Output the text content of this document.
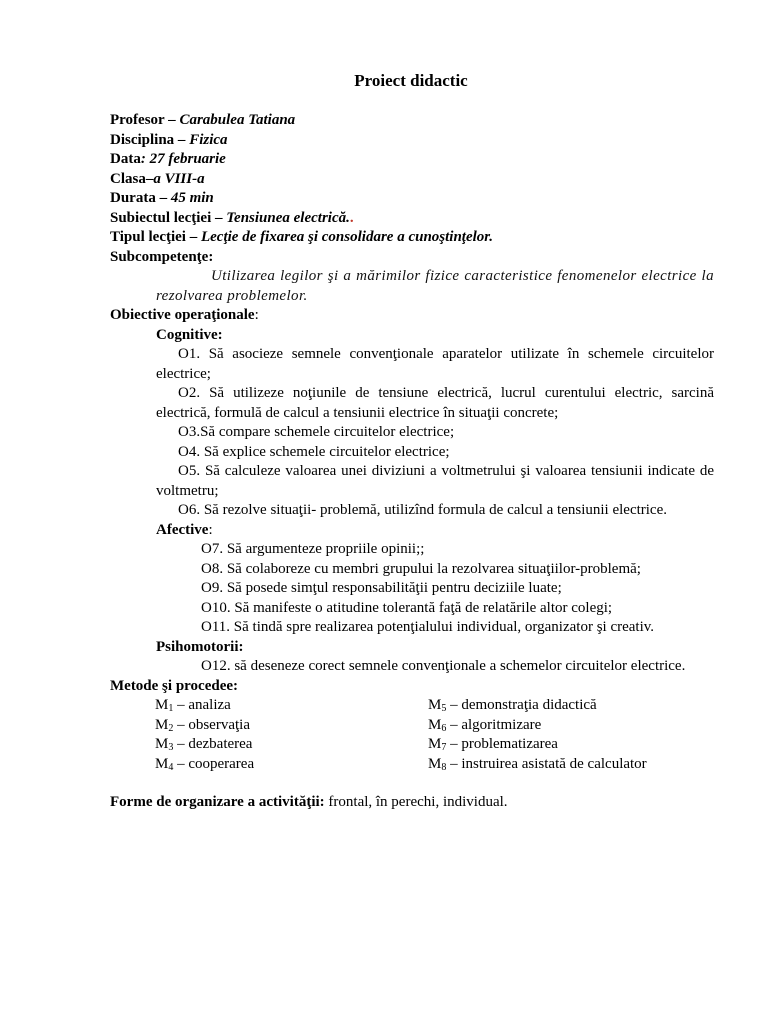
Proiect didactic
Profesor – Carabulea Tatiana
Disciplina – Fizica
Data: 27 februarie
Clasa–a VIII-a
Durata – 45 min
Subiectul lecţiei – Tensiunea electrică..
Tipul lecţiei – Lecţie de fixarea şi consolidare a cunoştinţelor.
Subcompetenţe:

Utilizarea legilor şi a mărimilor fizice caracteristice fenomenelor electrice la rezolvarea problemelor.

Obiective operaţionale:
Cognitive:

O1. Să asocieze semnele convenţionale aparatelor utilizate în schemele circuitelor electrice;

O2. Să utilizeze noţiunile de tensiune electrică, lucrul curentului electric, sarcină electrică, formulă de calcul a tensiunii electrice în situaţii concrete;

O3.Să compare schemele circuitelor electrice;

O4. Să explice schemele circuitelor electrice;

O5. Să calculeze valoarea unei diviziuni a voltmetrului şi valoarea tensiunii indicate de voltmetru;

O6. Să rezolve situaţii- problemă, utilizînd formula de calcul a tensiunii electrice.

Afective:

O7. Să argumenteze propriile opinii;;

O8. Să colaboreze cu membri grupului la rezolvarea situaţiilor-problemă;

O9. Să posede simţul responsabilităţii pentru deciziile luate;

O10. Să manifeste o atitudine tolerantă faţă de relatările altor colegi;

O11. Să tindă spre realizarea potenţialului individual, organizator şi creativ.

Psihomotorii:

O12. să deseneze corect semnele convenţionale a schemelor circuitelor electrice.

Metode şi procedee:
$M_1$ – analiza
$M_2$ – observaţia
$M_3$ – dezbaterea
$M_4$ – cooperarea
$M_5$ – demonstraţia didactică
$M_6$ – algoritmizare
$M_7$ – problematizarea
$M_8$ – instruirea asistată de calculator
Forme de organizare a activităţii: frontal, în perechi, individual.
